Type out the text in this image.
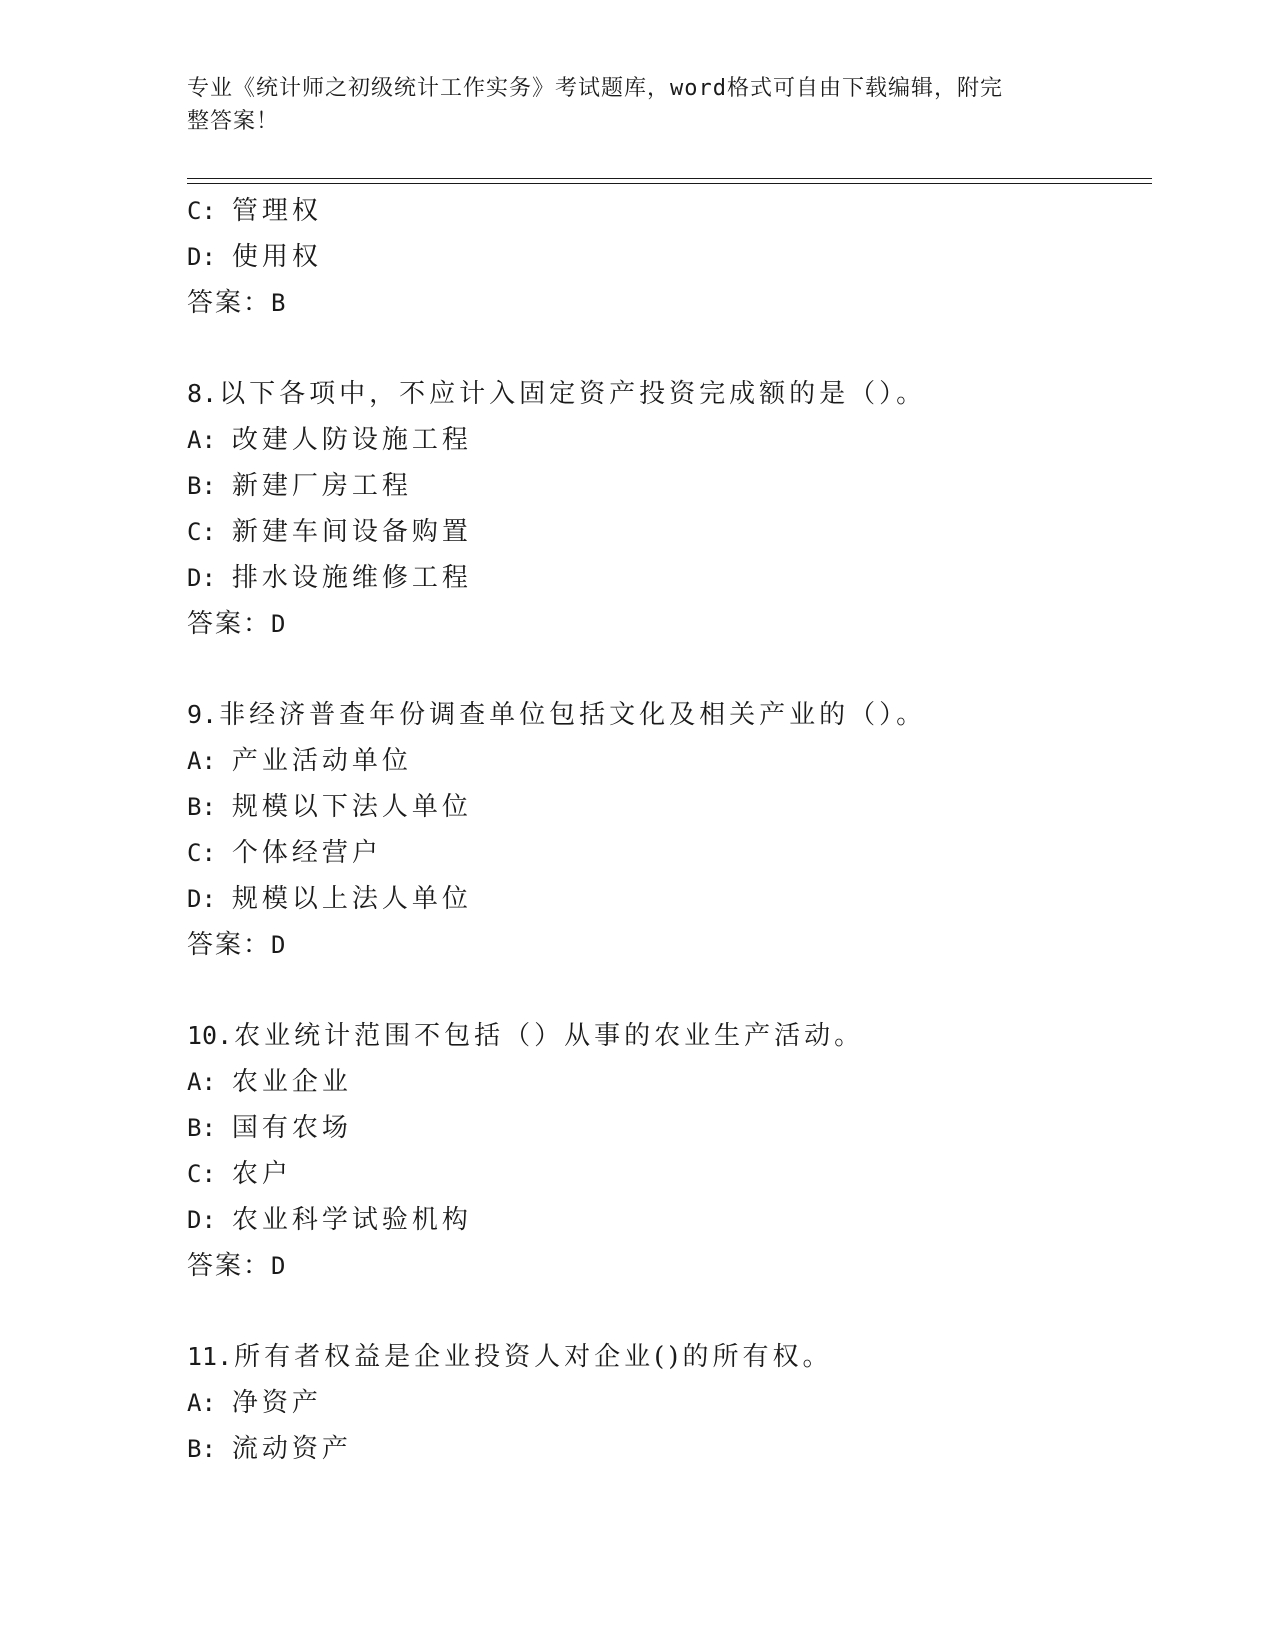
专业《统计师之初级统计工作实务》考试题库，word格式可自由下载编辑，附完

整答案！

C: 管理权
D: 使用权
答案：B
8.以下各项中，不应计入固定资产投资完成额的是（）。
A: 改建人防设施工程
B: 新建厂房工程
C: 新建车间设备购置
D: 排水设施维修工程
答案：D
9.非经济普查年份调查单位包括文化及相关产业的（）。
A: 产业活动单位
B: 规模以下法人单位
C: 个体经营户
D: 规模以上法人单位
答案：D
10.农业统计范围不包括（）从事的农业生产活动。
A: 农业企业
B: 国有农场
C: 农户
D: 农业科学试验机构
答案：D
11.所有者权益是企业投资人对企业()的所有权。
A: 净资产
B: 流动资产
